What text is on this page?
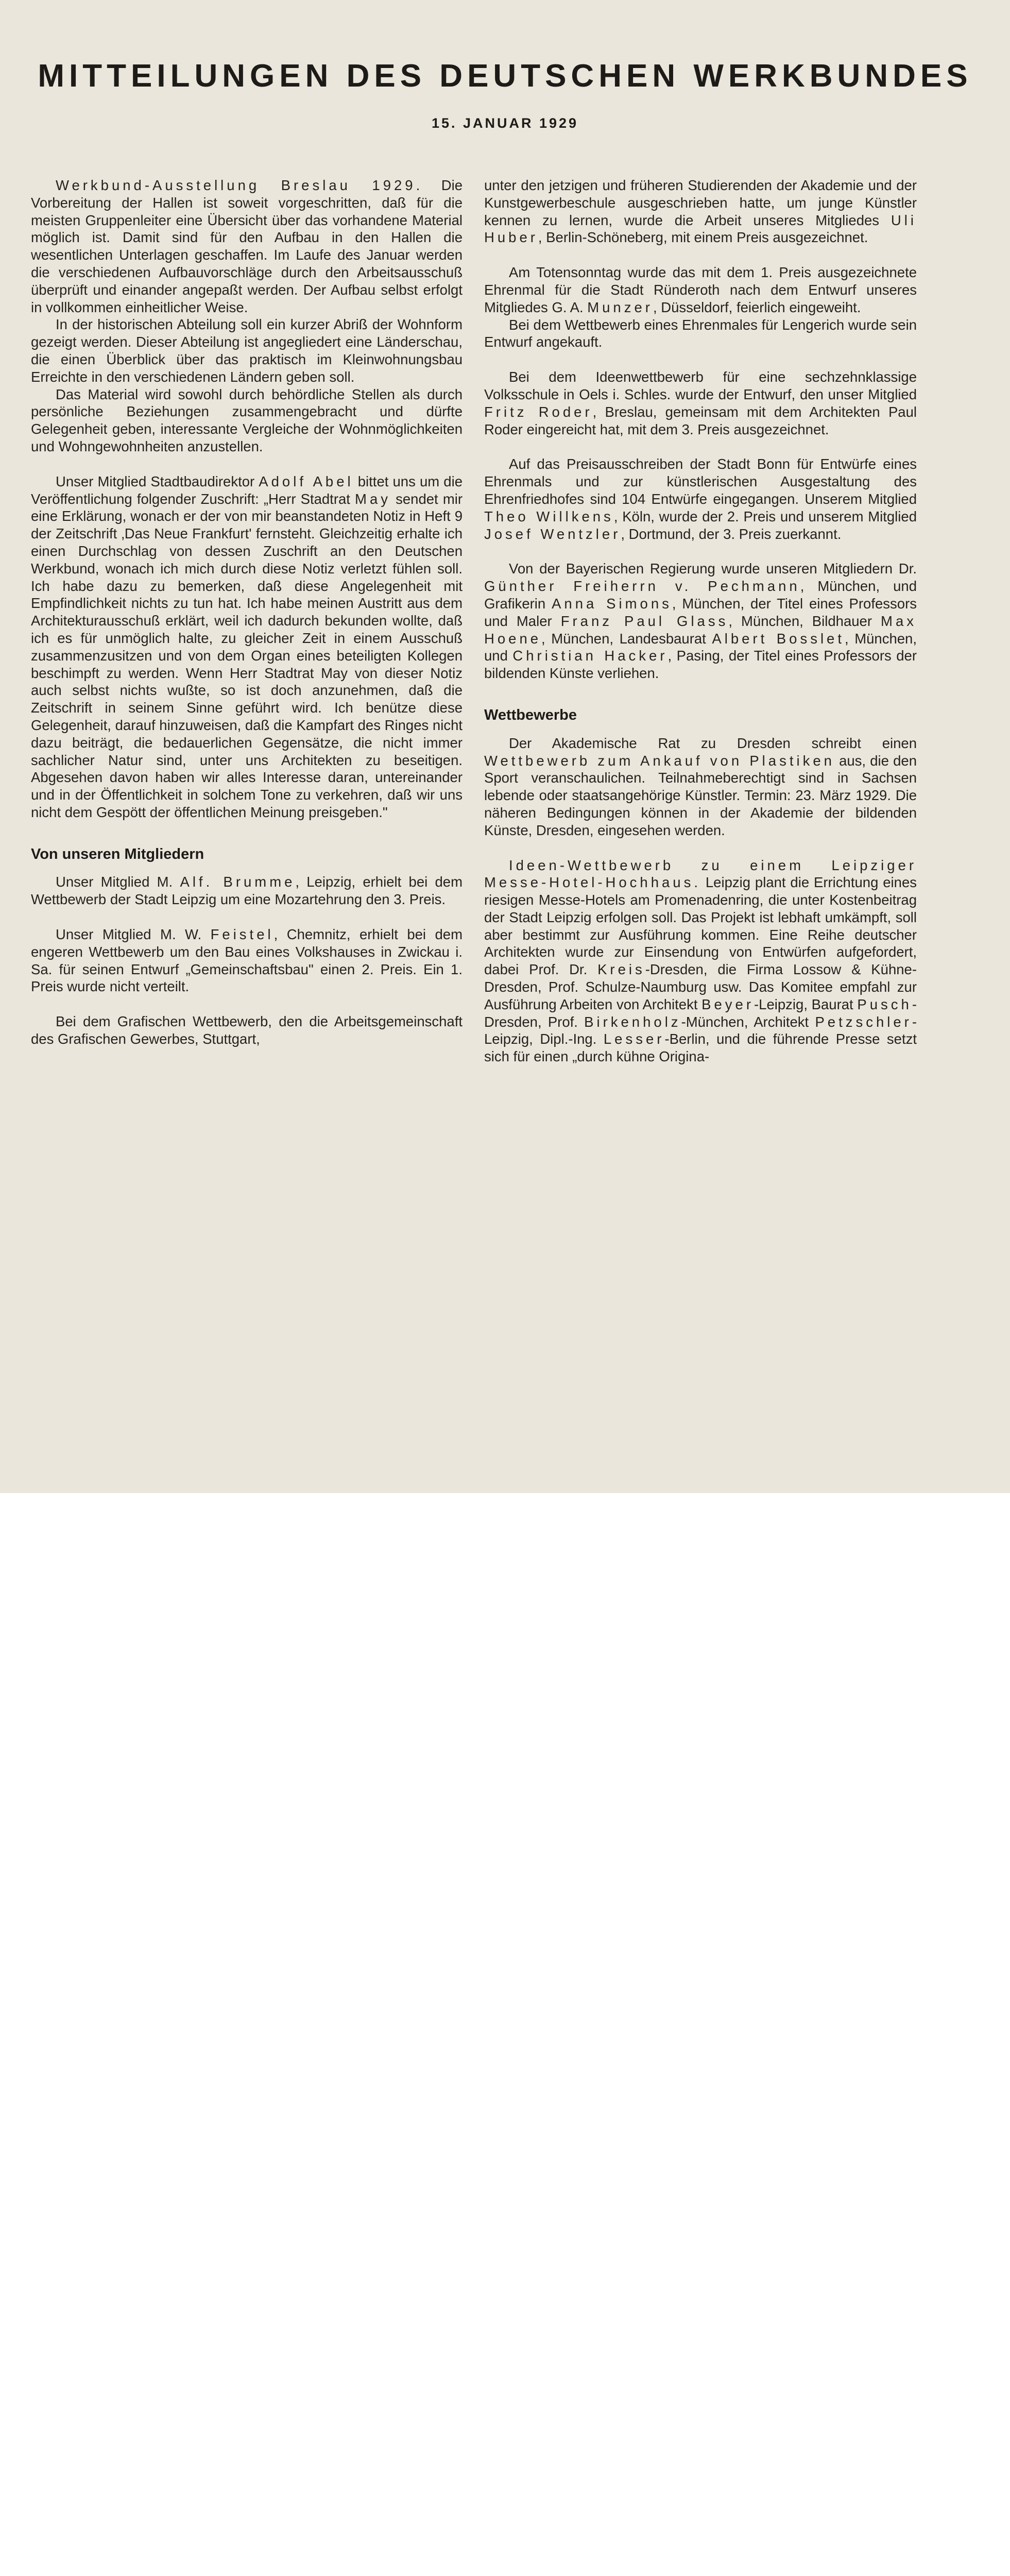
MITTEILUNGEN DES DEUTSCHEN WERKBUNDES
15. JANUAR 1929

Werkbund-Ausstellung Breslau 1929. Die Vorbereitung der Hallen ist soweit vorgeschritten, daß für die meisten Gruppenleiter eine Übersicht über das vorhandene Material möglich ist. Damit sind für den Aufbau in den Hallen die wesentlichen Unterlagen geschaffen. Im Laufe des Januar werden die verschiedenen Aufbauvorschläge durch den Arbeitsausschuß überprüft und einander angepaßt werden. Der Aufbau selbst erfolgt in vollkommen einheitlicher Weise.

In der historischen Abteilung soll ein kurzer Abriß der Wohnform gezeigt werden. Dieser Abteilung ist angegliedert eine Länderschau, die einen Überblick über das praktisch im Kleinwohnungsbau Erreichte in den verschiedenen Ländern geben soll.

Das Material wird sowohl durch behördliche Stellen als durch persönliche Beziehungen zusammengebracht und dürfte Gelegenheit geben, interessante Vergleiche der Wohnmöglichkeiten und Wohngewohnheiten anzustellen.

Unser Mitglied Stadtbaudirektor Adolf Abel bittet uns um die Veröffentlichung folgender Zuschrift: „Herr Stadtrat May sendet mir eine Erklärung, wonach er der von mir beanstandeten Notiz in Heft 9 der Zeitschrift ‚Das Neue Frankfurt' fernsteht. Gleichzeitig erhalte ich einen Durchschlag von dessen Zuschrift an den Deutschen Werkbund, wonach ich mich durch diese Notiz verletzt fühlen soll. Ich habe dazu zu bemerken, daß diese Angelegenheit mit Empfindlichkeit nichts zu tun hat. Ich habe meinen Austritt aus dem Architekturausschuß erklärt, weil ich dadurch bekunden wollte, daß ich es für unmöglich halte, zu gleicher Zeit in einem Ausschuß zusammenzusitzen und von dem Organ eines beteiligten Kollegen beschimpft zu werden. Wenn Herr Stadtrat May von dieser Notiz auch selbst nichts wußte, so ist doch anzunehmen, daß die Zeitschrift in seinem Sinne geführt wird. Ich benütze diese Gelegenheit, darauf hinzuweisen, daß die Kampfart des Ringes nicht dazu beiträgt, die bedauerlichen Gegensätze, die nicht immer sachlicher Natur sind, unter uns Architekten zu beseitigen. Abgesehen davon haben wir alles Interesse daran, untereinander und in der Öffentlichkeit in solchem Tone zu verkehren, daß wir uns nicht dem Gespött der öffentlichen Meinung preisgeben."

Von unseren Mitgliedern

Unser Mitglied M. Alf. Brumme, Leipzig, erhielt bei dem Wettbewerb der Stadt Leipzig um eine Mozartehrung den 3. Preis.

Unser Mitglied M. W. Feistel, Chemnitz, erhielt bei dem engeren Wettbewerb um den Bau eines Volkshauses in Zwickau i. Sa. für seinen Entwurf „Gemeinschaftsbau" einen 2. Preis. Ein 1. Preis wurde nicht verteilt.

Bei dem Grafischen Wettbewerb, den die Arbeitsgemeinschaft des Grafischen Gewerbes, Stuttgart,

unter den jetzigen und früheren Studierenden der Akademie und der Kunstgewerbeschule ausgeschrieben hatte, um junge Künstler kennen zu lernen, wurde die Arbeit unseres Mitgliedes Uli Huber, Berlin-Schöneberg, mit einem Preis ausgezeichnet.

Am Totensonntag wurde das mit dem 1. Preis ausgezeichnete Ehrenmal für die Stadt Ründeroth nach dem Entwurf unseres Mitgliedes G. A. Munzer, Düsseldorf, feierlich eingeweiht.

Bei dem Wettbewerb eines Ehrenmales für Lengerich wurde sein Entwurf angekauft.

Bei dem Ideenwettbewerb für eine sechzehnklassige Volksschule in Oels i. Schles. wurde der Entwurf, den unser Mitglied Fritz Roder, Breslau, gemeinsam mit dem Architekten Paul Roder eingereicht hat, mit dem 3. Preis ausgezeichnet.

Auf das Preisausschreiben der Stadt Bonn für Entwürfe eines Ehrenmals und zur künstlerischen Ausgestaltung des Ehrenfriedhofes sind 104 Entwürfe eingegangen. Unserem Mitglied Theo Willkens, Köln, wurde der 2. Preis und unserem Mitglied Josef Wentzler, Dortmund, der 3. Preis zuerkannt.

Von der Bayerischen Regierung wurde unseren Mitgliedern Dr. Günther Freiherrn v. Pechmann, München, und Grafikerin Anna Simons, München, der Titel eines Professors und Maler Franz Paul Glass, München, Bildhauer Max Hoene, München, Landesbaurat Albert Bosslet, München, und Christian Hacker, Pasing, der Titel eines Professors der bildenden Künste verliehen.

Wettbewerbe

Der Akademische Rat zu Dresden schreibt einen Wettbewerb zum Ankauf von Plastiken aus, die den Sport veranschaulichen. Teilnahmeberechtigt sind in Sachsen lebende oder staatsangehörige Künstler. Termin: 23. März 1929. Die näheren Bedingungen können in der Akademie der bildenden Künste, Dresden, eingesehen werden.

Ideen-Wettbewerb zu einem Leipziger Messe-Hotel-Hochhaus. Leipzig plant die Errichtung eines riesigen Messe-Hotels am Promenadenring, die unter Kostenbeitrag der Stadt Leipzig erfolgen soll. Das Projekt ist lebhaft umkämpft, soll aber bestimmt zur Ausführung kommen. Eine Reihe deutscher Architekten wurde zur Einsendung von Entwürfen aufgefordert, dabei Prof. Dr. Kreis-Dresden, die Firma Lossow & Kühne-Dresden, Prof. Schulze-Naumburg usw. Das Komitee empfahl zur Ausführung Arbeiten von Architekt Beyer-Leipzig, Baurat Pusch-Dresden, Prof. Birkenholz-München, Architekt Petzschler-Leipzig, Dipl.-Ing. Lesser-Berlin, und die führende Presse setzt sich für einen „durch kühne Origina-
